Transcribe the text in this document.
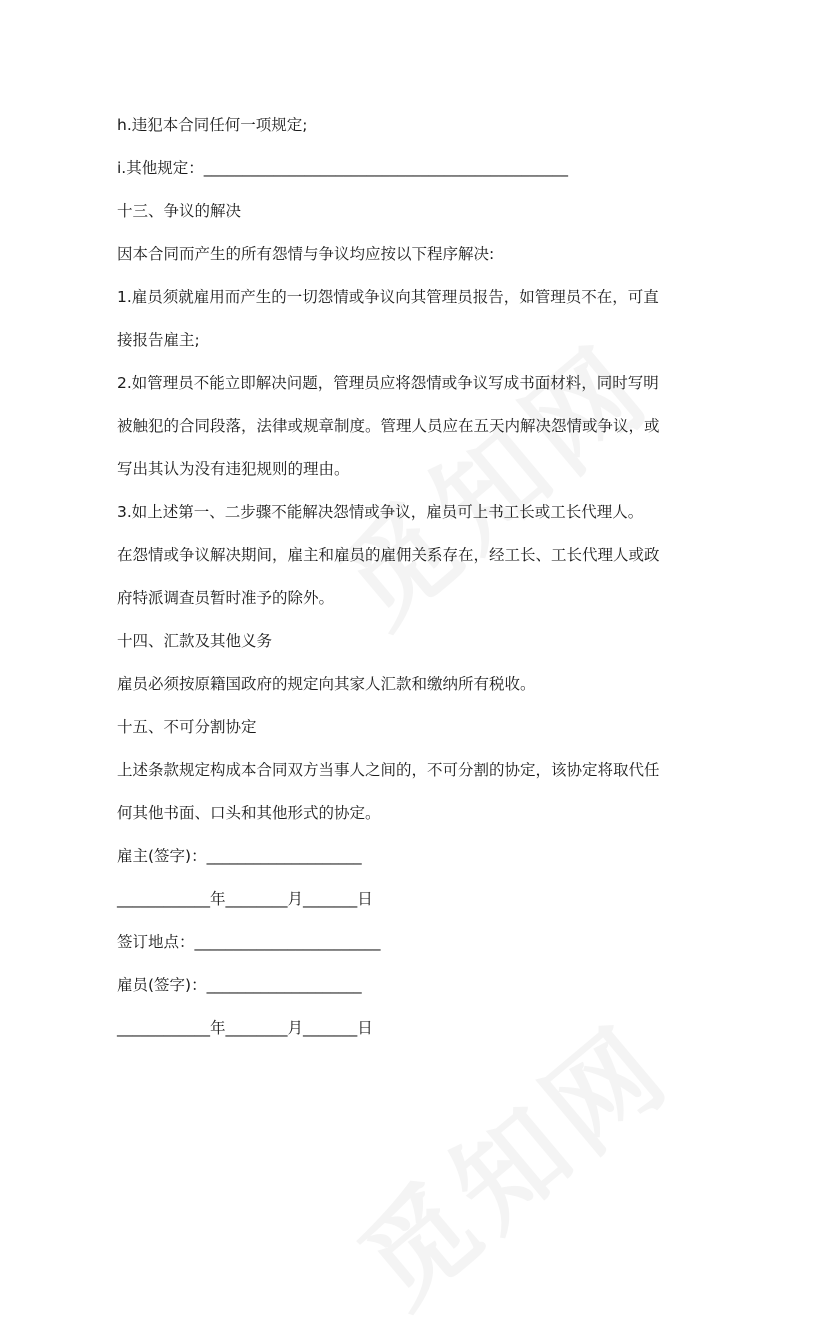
h.违犯本合同任何一项规定;
i.其他规定：_______________________________________________
十三、争议的解决
因本合同而产生的所有怨情与争议均应按以下程序解决:
1.雇员须就雇用而产生的一切怨情或争议向其管理员报告，如管理员不在，可直
接报告雇主;
2.如管理员不能立即解决问题，管理员应将怨情或争议写成书面材料，同时写明
被触犯的合同段落，法律或规章制度。管理人员应在五天内解决怨情或争议，或
写出其认为没有违犯规则的理由。
3.如上述第一、二步骤不能解决怨情或争议，雇员可上书工长或工长代理人。
在怨情或争议解决期间，雇主和雇员的雇佣关系存在，经工长、工长代理人或政
府特派调查员暂时准予的除外。
十四、汇款及其他义务
雇员必须按原籍国政府的规定向其家人汇款和缴纳所有税收。
十五、不可分割协定
上述条款规定构成本合同双方当事人之间的，不可分割的协定，该协定将取代任
何其他书面、口头和其他形式的协定。
雇主(签字)：____________________
____________年________月_______日
签订地点：________________________
雇员(签字)：____________________
____________年________月_______日
